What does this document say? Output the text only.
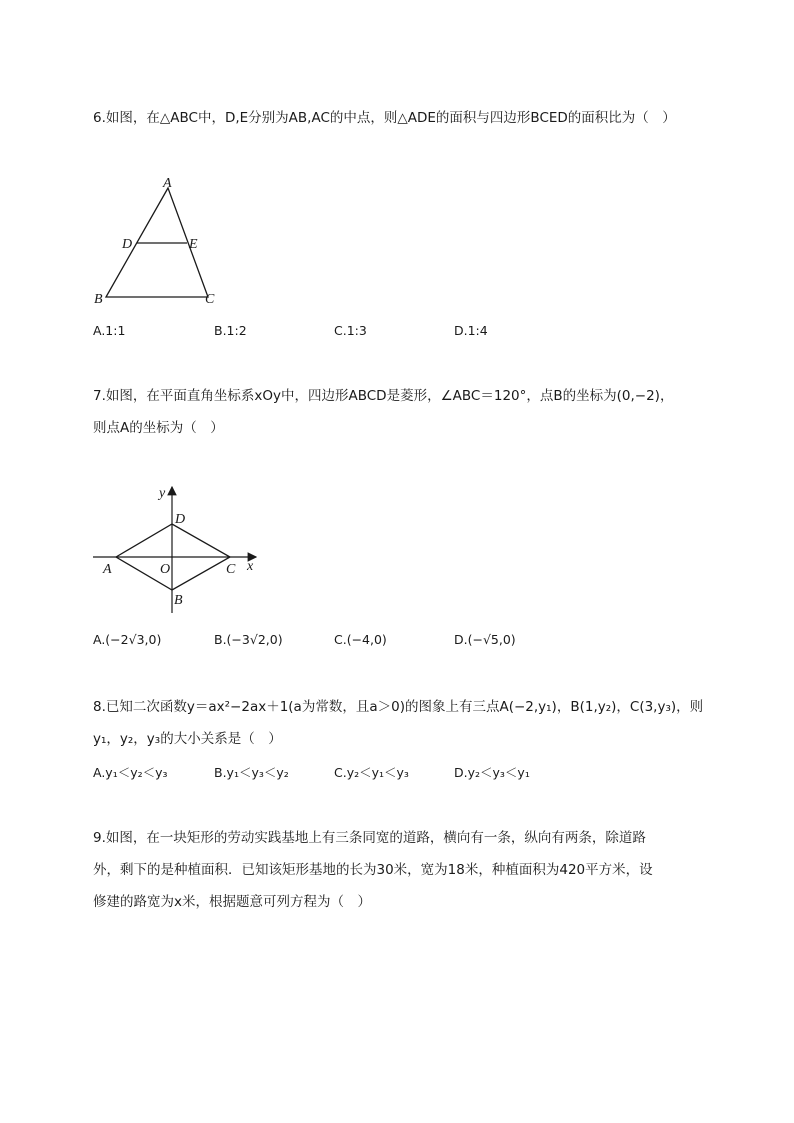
6.如图，在△ABC中，D,E分别为AB,AC的中点，则△ADE的面积与四边形BCED的面积比为（　）
A
D	E
B	C
A.1:1	B.1:2	C.1:3	D.1:4
7.如图，在平面直角坐标系xOy中，四边形ABCD是菱形，∠ABC＝120°，点B的坐标为(0,−2)，
则点A的坐标为（　）
y
x
D
A	O	C
B
A.(−2√3,0)	B.(−3√2,0)	C.(−4,0)	D.(−√5,0)
8.已知二次函数y＝ax²−2ax＋1(a为常数，且a＞0)的图象上有三点A(−2,y₁)，B(1,y₂)，C(3,y₃)，则
y₁，y₂，y₃的大小关系是（　）
A.y₁＜y₂＜y₃	B.y₁＜y₃＜y₂	C.y₂＜y₁＜y₃	D.y₂＜y₃＜y₁
9.如图，在一块矩形的劳动实践基地上有三条同宽的道路，横向有一条，纵向有两条，除道路
外，剩下的是种植面积．已知该矩形基地的长为30米，宽为18米，种植面积为420平方米，设
修建的路宽为x米，根据题意可列方程为（　）
